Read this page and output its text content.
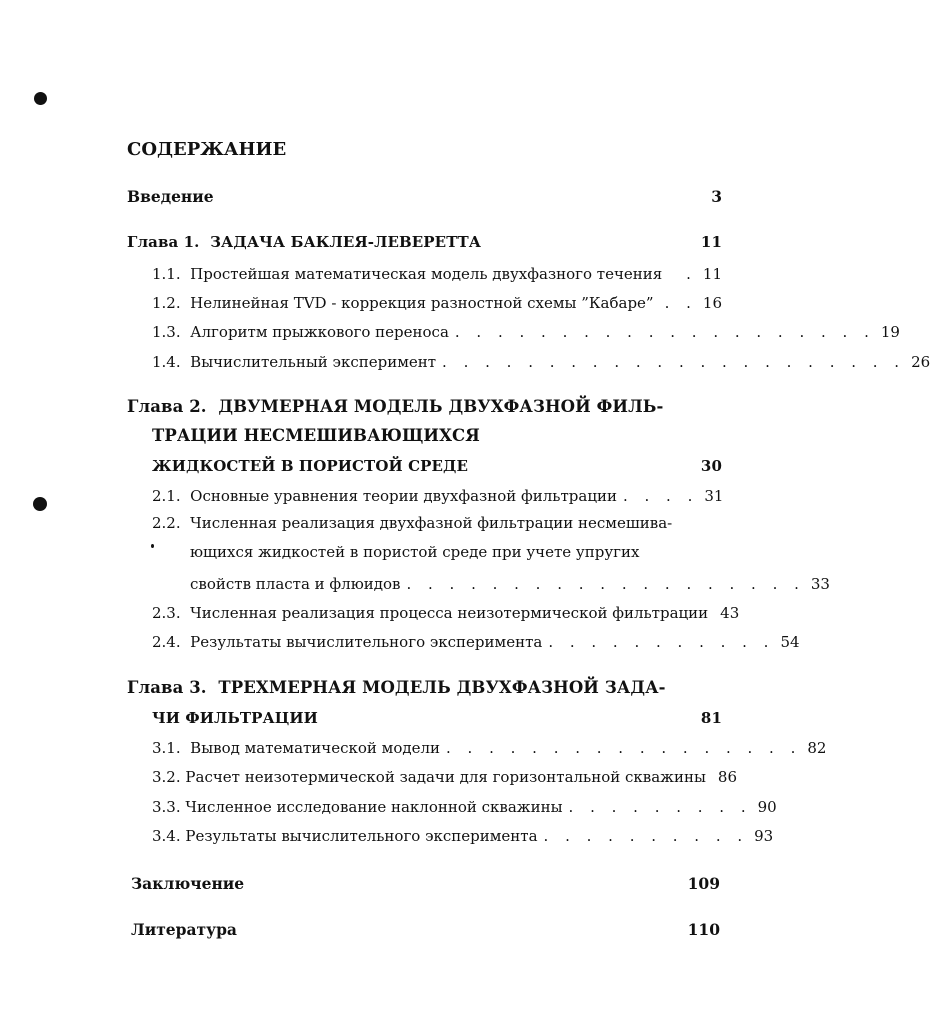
СОДЕРЖАНИЕ
Введение	3
Глава 1. ЗАДАЧА БАКЛЕЯ-ЛЕВЕРЕТТА	11
1.1. Простейшая математическая модель двухфазного течения	. 11
1.2. Нелинейная TVD - коррекция разностной схемы ”Кабаре” . . 16
1.3. Алгоритм прыжкового переноса . . . . . . . . . . . . . . . . . . . . 19
1.4. Вычислительный эксперимент . . . . . . . . . . . . . . . . . . . . . . 26
Глава 2. ДВУМЕРНАЯ МОДЕЛЬ ДВУХФАЗНОЙ ФИЛЬ-
ТРАЦИИ НЕСМЕШИВАЮЩИХСЯ
ЖИДКОСТЕЙ В ПОРИСТОЙ СРЕДЕ	30
2.1. Основные уравнения теории двухфазной фильтрации . . . . 31
2.2. Численная реализация двухфазной фильтрации несмешива-
ющихся жидкостей в пористой среде при учете упругих
свойств пласта и флюидов . . . . . . . . . . . . . . . . . . . 33
2.3. Численная реализация процесса неизотермической фильтрации 43
2.4. Результаты вычислительного эксперимента . . . . . . . . . . . 54
Глава 3. ТРЕХМЕРНАЯ МОДЕЛЬ ДВУХФАЗНОЙ ЗАДА-
ЧИ ФИЛЬТРАЦИИ	81
3.1. Вывод математической модели . . . . . . . . . . . . . . . . . 82
3.2. Расчет неизотермической задачи для горизонтальной скважины 86
3.3. Численное исследование наклонной скважины . . . . . . . . . 90
3.4. Результаты вычислительного эксперимента . . . . . . . . . . 93
Заключение	109
Литература	110
